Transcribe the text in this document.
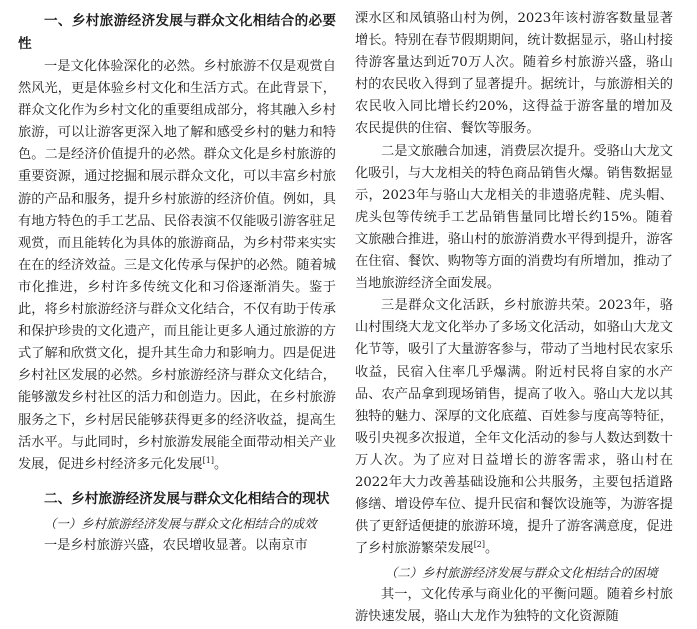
一、乡村旅游经济发展与群众文化相结合的必要性

一是文化体验深化的必然。乡村旅游不仅是观赏自然风光，更是体验乡村文化和生活方式。在此背景下，群众文化作为乡村文化的重要组成部分，将其融入乡村旅游，可以让游客更深入地了解和感受乡村的魅力和特色。二是经济价值提升的必然。群众文化是乡村旅游的重要资源，通过挖掘和展示群众文化，可以丰富乡村旅游的产品和服务，提升乡村旅游的经济价值。例如，具有地方特色的手工艺品、民俗表演不仅能吸引游客驻足观赏，而且能转化为具体的旅游商品，为乡村带来实实在在的经济效益。三是文化传承与保护的必然。随着城市化推进，乡村许多传统文化和习俗逐渐消失。鉴于此，将乡村旅游经济与群众文化结合，不仅有助于传承和保护珍贵的文化遗产，而且能让更多人通过旅游的方式了解和欣赏文化，提升其生命力和影响力。四是促进乡村社区发展的必然。乡村旅游经济与群众文化结合，能够激发乡村社区的活力和创造力。因此，在乡村旅游服务之下，乡村居民能够获得更多的经济收益，提高生活水平。与此同时，乡村旅游发展能全面带动相关产业发展，促进乡村经济多元化发展[1]。

二、乡村旅游经济发展与群众文化相结合的现状

（一）乡村旅游经济发展与群众文化相结合的成效

一是乡村旅游兴盛，农民增收显著。以南京市

溧水区和凤镇骆山村为例，2023年该村游客数量显著增长。特别在春节假期期间，统计数据显示，骆山村接待游客量达到近70万人次。随着乡村旅游兴盛，骆山村的农民收入得到了显著提升。据统计，与旅游相关的农民收入同比增长约20%，这得益于游客量的增加及农民提供的住宿、餐饮等服务。

二是文旅融合加速，消费层次提升。受骆山大龙文化吸引，与大龙相关的特色商品销售火爆。销售数据显示，2023年与骆山大龙相关的非遗骆虎鞋、虎头帽、虎头包等传统手工艺品销售量同比增长约15%。随着文旅融合推进，骆山村的旅游消费水平得到提升，游客在住宿、餐饮、购物等方面的消费均有所增加，推动了当地旅游经济全面发展。

三是群众文化活跃，乡村旅游共荣。2023年，骆山村围绕大龙文化举办了多场文化活动，如骆山大龙文化节等，吸引了大量游客参与，带动了当地村民农家乐收益，民宿入住率几乎爆满。附近村民将自家的水产品、农产品拿到现场销售，提高了收入。骆山大龙以其独特的魅力、深厚的文化底蕴、百姓参与度高等特征，吸引央视多次报道，全年文化活动的参与人数达到数十万人次。为了应对日益增长的游客需求，骆山村在2022年大力改善基础设施和公共服务，主要包括道路修缮、增设停车位、提升民宿和餐饮设施等，为游客提供了更舒适便捷的旅游环境，提升了游客满意度，促进了乡村旅游繁荣发展[2]。

（二）乡村旅游经济发展与群众文化相结合的困境

其一，文化传承与商业化的平衡问题。随着乡村旅游快速发展，骆山大龙作为独特的文化资源随
